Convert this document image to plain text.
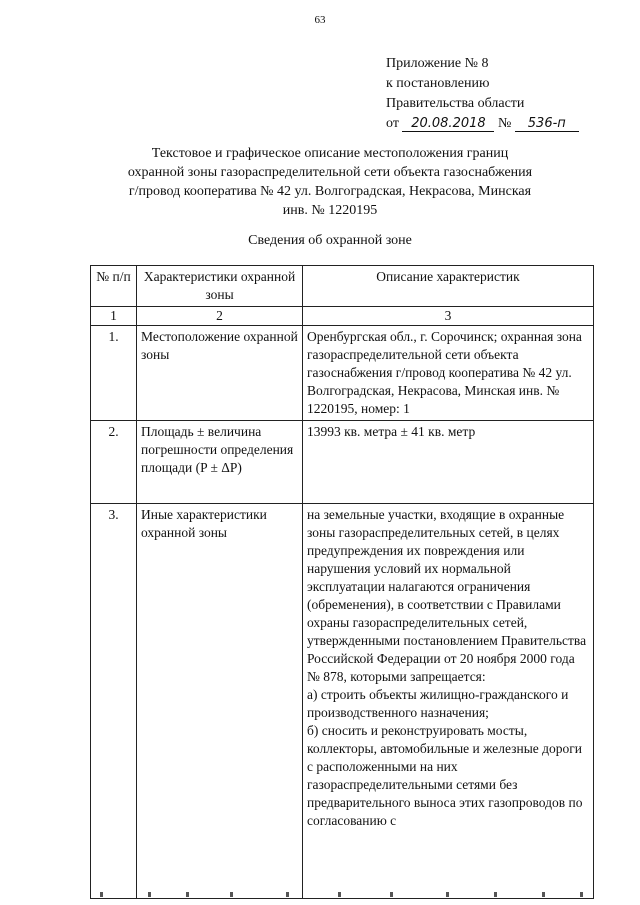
63
Приложение № 8
к постановлению
Правительства области
от 20.08.2018 № 536-п
Текстовое и графическое описание местоположения границ
охранной зоны газораспределительной сети объекта газоснабжения
г/провод кооператива № 42 ул. Волгоградская, Некрасова, Минская
инв. № 1220195
Сведения об охранной зоне
№ п/п	Характеристики охранной зоны	Описание характеристик
1	2	3
1.	Местоположение охранной зоны	Оренбургская обл., г. Сорочинск; охранная зона газораспределительной сети объекта газоснабжения г/провод кооператива № 42 ул. Волгоградская, Некрасова, Минская инв. № 1220195, номер: 1
2.	Площадь ± величина погрешности определения площади (P ± ΔP)	13993 кв. метра ± 41 кв. метр
3.	Иные характеристики охранной зоны	на земельные участки, входящие в охранные зоны газораспределительных сетей, в целях предупреждения их повреждения или нарушения условий их нормальной эксплуатации налагаются ограничения (обременения), в соответствии с Правилами охраны газораспределительных сетей, утвержденными постановлением Правительства Российской Федерации от 20 ноября 2000 года № 878, которыми запрещается:
а) строить объекты жилищно-гражданского и производственного назначения;
б) сносить и реконструировать мосты, коллекторы, автомобильные и железные дороги с расположенными на них газораспределительными сетями без предварительного выноса этих газопроводов по согласованию с
